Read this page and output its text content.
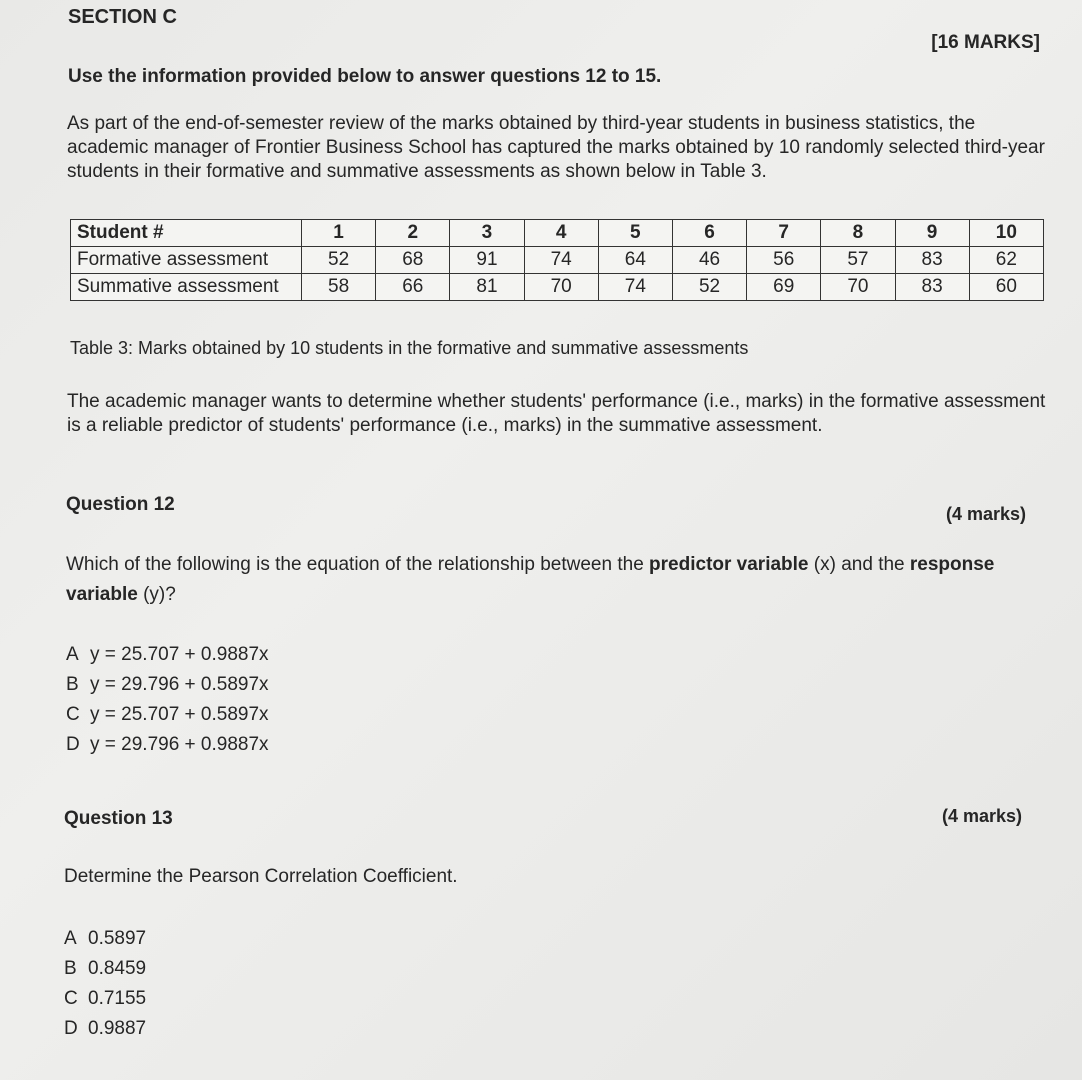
SECTION C
[16 MARKS]

Use the information provided below to answer questions 12 to 15.

As part of the end-of-semester review of the marks obtained by third-year students in business statistics, the academic manager of Frontier Business School has captured the marks obtained by 10 randomly selected third-year students in their formative and summative assessments as shown below in Table 3.

Student #	1	2	3	4	5	6	7	8	9	10
Formative assessment	52	68	91	74	64	46	56	57	83	62
Summative assessment	58	66	81	70	74	52	69	70	83	60

Table 3: Marks obtained by 10 students in the formative and summative assessments

The academic manager wants to determine whether students' performance (i.e., marks) in the formative assessment is a reliable predictor of students' performance (i.e., marks) in the summative assessment.

Question 12	(4 marks)

Which of the following is the equation of the relationship between the predictor variable (x) and the response variable (y)?

A y = 25.707 + 0.9887x
B y = 29.796 + 0.5897x
C y = 25.707 + 0.5897x
D y = 29.796 + 0.9887x
Question 13	(4 marks)

Determine the Pearson Correlation Coefficient.

A 0.5897
B 0.8459
C 0.7155
D 0.9887
